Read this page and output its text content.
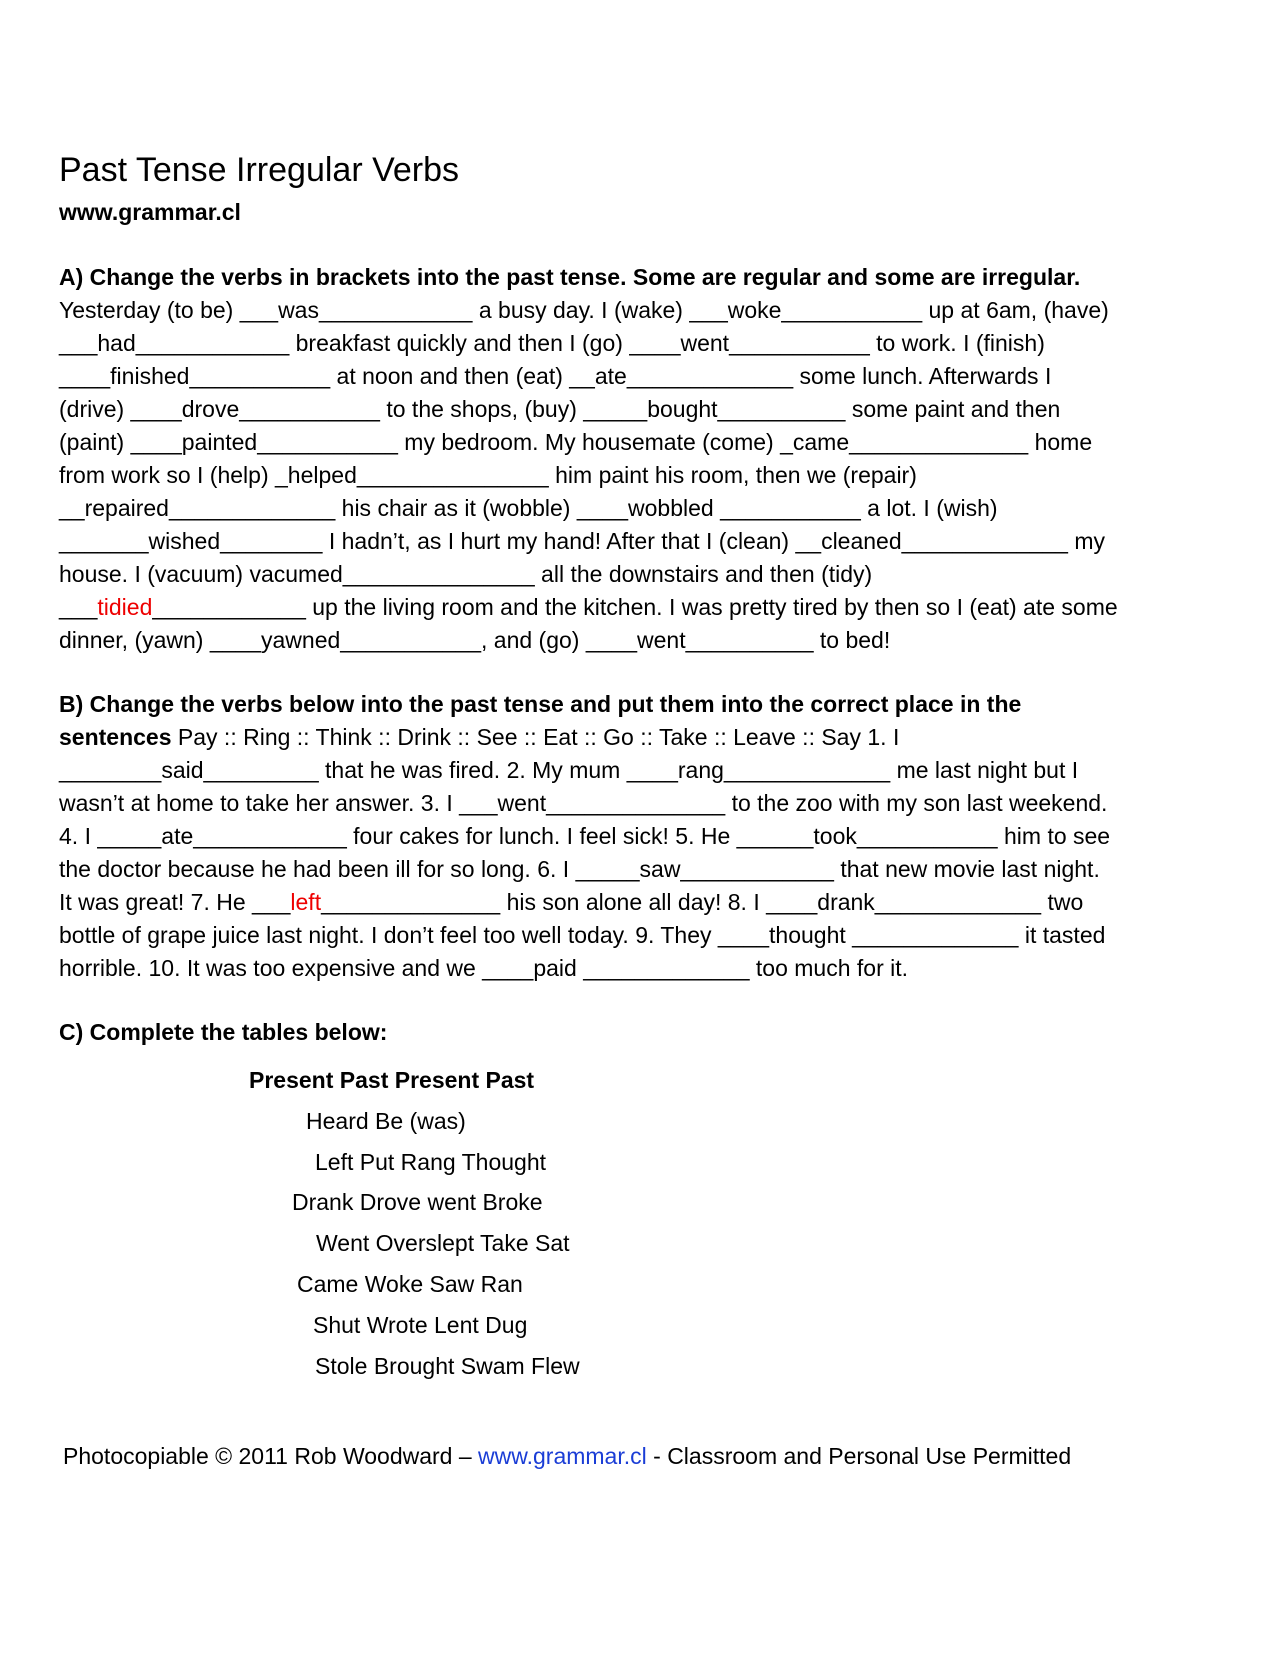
Past Tense Irregular Verbs
www.grammar.cl
A) Change the verbs in brackets into the past tense. Some are regular and some are irregular.
Yesterday (to be) ___was____________ a busy day. I (wake) ___woke___________ up at 6am, (have)
___had____________ breakfast quickly and then I (go) ____went___________ to work. I (finish)
____finished___________ at noon and then (eat) __ate_____________ some lunch. Afterwards I
(drive) ____drove___________ to the shops, (buy) _____bought__________ some paint and then
(paint) ____painted___________ my bedroom. My housemate (come) _came______________ home
from work so I (help) _helped_______________ him paint his room, then we (repair)
__repaired_____________ his chair as it (wobble) ____wobbled ___________ a lot. I (wish)
_______wished________ I hadn’t, as I hurt my hand! After that I (clean) __cleaned_____________ my
house. I (vacuum) vacumed_______________ all the downstairs and then (tidy)
___tidied____________ up the living room and the kitchen. I was pretty tired by then so I (eat) ate some
dinner, (yawn) ____yawned___________, and (go) ____went__________ to bed!
B) Change the verbs below into the past tense and put them into the correct place in the
sentences Pay :: Ring :: Think :: Drink :: See :: Eat :: Go :: Take :: Leave :: Say 1. I
________said_________ that he was fired. 2. My mum ____rang_____________ me last night but I
wasn’t at home to take her answer. 3. I ___went______________ to the zoo with my son last weekend.
4. I _____ate____________ four cakes for lunch. I feel sick! 5. He ______took___________ him to see
the doctor because he had been ill for so long. 6. I _____saw____________ that new movie last night.
It was great! 7. He ___left______________ his son alone all day! 8. I ____drank_____________ two
bottle of grape juice last night. I don’t feel too well today. 9. They ____thought _____________ it tasted
horrible. 10. It was too expensive and we ____paid _____________ too much for it.
C) Complete the tables below:
Present Past Present Past
Heard Be (was)
Left Put Rang Thought
Drank Drove went Broke
Went Overslept Take Sat
Came Woke Saw Ran
Shut Wrote Lent Dug
Stole Brought Swam Flew
Photocopiable © 2011 Rob Woodward – www.grammar.cl - Classroom and Personal Use Permitted
